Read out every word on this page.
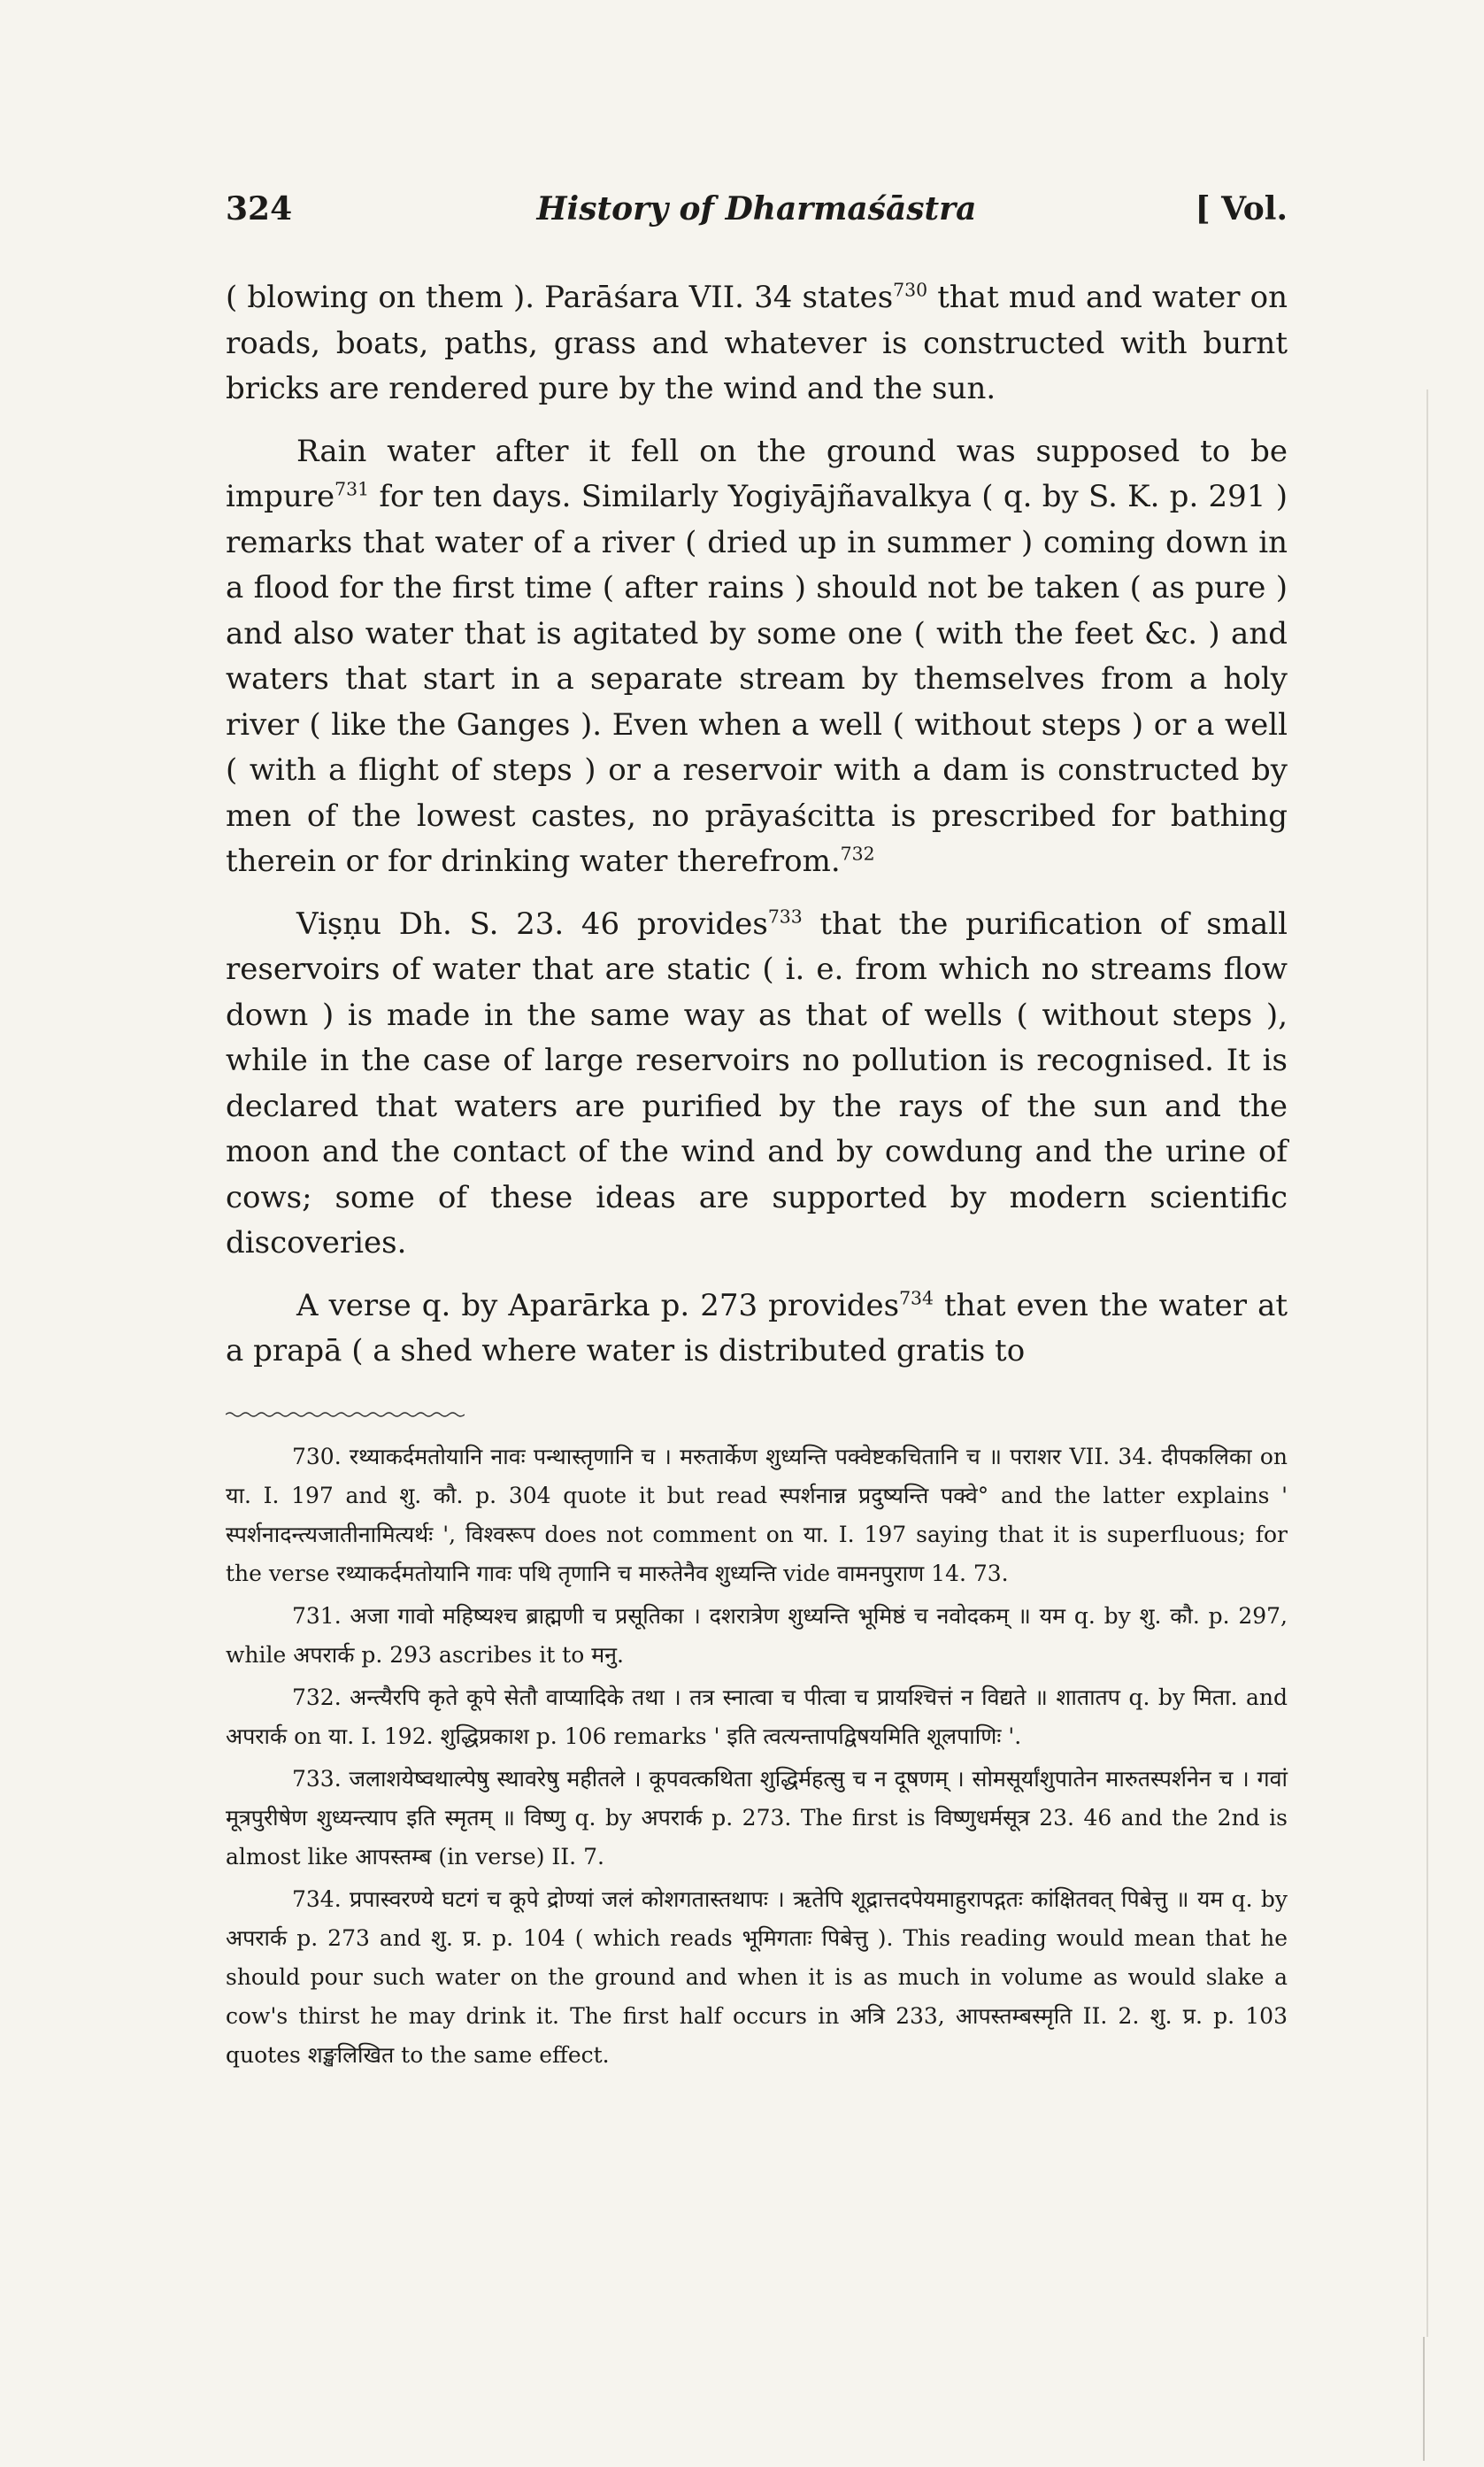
324	History of Dharmaśāstra	[ Vol.

( blowing on them ). Parāśara VII. 34 states$^{730}$ that mud and water on roads, boats, paths, grass and whatever is constructed with burnt bricks are rendered pure by the wind and the sun.

Rain water after it fell on the ground was supposed to be impure$^{731}$ for ten days. Similarly Yogiyājñavalkya ( q. by S. K. p. 291 ) remarks that water of a river ( dried up in summer ) coming down in a flood for the first time ( after rains ) should not be taken ( as pure ) and also water that is agitated by some one ( with the feet &c. ) and waters that start in a separate stream by themselves from a holy river ( like the Ganges ). Even when a well ( without steps ) or a well ( with a flight of steps ) or a reservoir with a dam is constructed by men of the lowest castes, no prāyaścitta is prescribed for bathing therein or for drinking water therefrom.$^{732}$

Viṣṇu Dh. S. 23. 46 provides$^{733}$ that the purification of small reservoirs of water that are static ( i. e. from which no streams flow down ) is made in the same way as that of wells ( without steps ), while in the case of large reservoirs no pollution is recognised. It is declared that waters are purified by the rays of the sun and the moon and the contact of the wind and by cowdung and the urine of cows; some of these ideas are supported by modern scientific discoveries.

A verse q. by Aparārka p. 273 provides$^{734}$ that even the water at a prapā ( a shed where water is distributed gratis to

730. रथ्याकर्दमतोयानि नावः पन्थास्तृणानि च । मरुतार्केण शुध्यन्ति पक्वेष्टकचितानि च ॥ पराशर VII. 34. दीपकलिका on या. I. 197 and शु. कौ. p. 304 quote it but read स्पर्शनान्न प्रदुष्यन्ति पक्वे° and the latter explains ' स्पर्शनादन्त्यजातीनामित्यर्थः ', विश्वरूप does not comment on या. I. 197 saying that it is superfluous; for the verse रथ्याकर्दमतोयानि गावः पथि तृणानि च मारुतेनैव शुध्यन्ति vide वामनपुराण 14. 73.

731. अजा गावो महिष्यश्च ब्राह्मणी च प्रसूतिका । दशरात्रेण शुध्यन्ति भूमिष्ठं च नवोदकम् ॥ यम q. by शु. कौ. p. 297, while अपरार्क p. 293 ascribes it to मनु.

732. अन्त्यैरपि कृते कूपे सेतौ वाप्यादिके तथा । तत्र स्नात्वा च पीत्वा च प्रायश्चित्तं न विद्यते ॥ शातातप q. by मिता. and अपरार्क on या. I. 192. शुद्धिप्रकाश p. 106 remarks ' इति त्वत्यन्तापद्विषयमिति शूलपाणिः '.

733. जलाशयेष्वथाल्पेषु स्थावरेषु महीतले । कूपवत्कथिता शुद्धिर्महत्सु च न दूषणम् । सोमसूर्यांशुपातेन मारुतस्पर्शनेन च । गवां मूत्रपुरीषेण शुध्यन्त्याप इति स्मृतम् ॥ विष्णु q. by अपरार्क p. 273. The first is विष्णुधर्मसूत्र 23. 46 and the 2nd is almost like आपस्तम्ब (in verse) II. 7.

734. प्रपास्वरण्ये घटगं च कूपे द्रोण्यां जलं कोशगतास्तथापः । ऋतेपि शूद्रात्तदपेयमाहुरापद्गतः कांक्षितवत् पिबेत्तु ॥ यम q. by अपरार्क p. 273 and शु. प्र. p. 104 ( which reads भूमिगताः पिबेत्तु ). This reading would mean that he should pour such water on the ground and when it is as much in volume as would slake a cow's thirst he may drink it. The first half occurs in अत्रि 233, आपस्तम्बस्मृति II. 2. शु. प्र. p. 103 quotes शङ्खलिखित to the same effect.
